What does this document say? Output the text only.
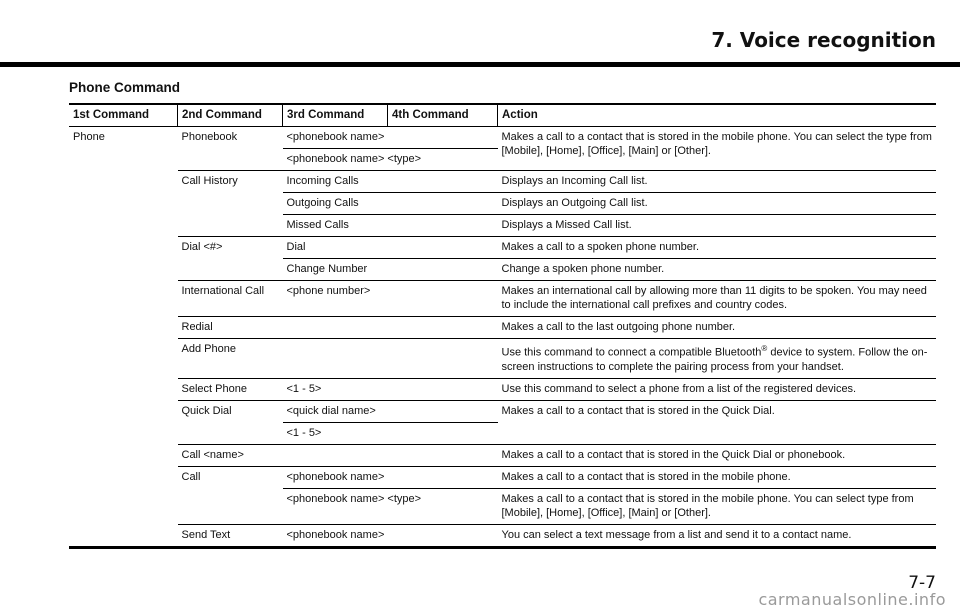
7. Voice recognition
Phone Command
1st Command	2nd Command	3rd Command	4th Command	Action
Phone	Phonebook	<phonebook name>		Makes a call to a contact that is stored in the mobile phone. You can select the type from [Mobile], [Home], [Office], [Main] or [Other].
		<phonebook name> <type>		
	Call History	Incoming Calls		Displays an Incoming Call list.
		Outgoing Calls		Displays an Outgoing Call list.
		Missed Calls		Displays a Missed Call list.
	Dial <#>	Dial		Makes a call to a spoken phone number.
		Change Number		Change a spoken phone number.
	International Call	<phone number>		Makes an international call by allowing more than 11 digits to be spoken. You may need to include the international call prefixes and country codes.
	Redial			Makes a call to the last outgoing phone number.
	Add Phone			Use this command to connect a compatible Bluetooth® device to system. Follow the on-screen instructions to complete the pairing process from your handset.
	Select Phone	<1 - 5>		Use this command to select a phone from a list of the registered devices.
	Quick Dial	<quick dial name>		Makes a call to a contact that is stored in the Quick Dial.
		<1 - 5>		
	Call <name>			Makes a call to a contact that is stored in the Quick Dial or phonebook.
	Call	<phonebook name>		Makes a call to a contact that is stored in the mobile phone.
		<phonebook name> <type>		Makes a call to a contact that is stored in the mobile phone. You can select type from [Mobile], [Home], [Office], [Main] or [Other].
	Send Text	<phonebook name>		You can select a text message from a list and send it to a contact name.
7-7
carmanualsonline.info
